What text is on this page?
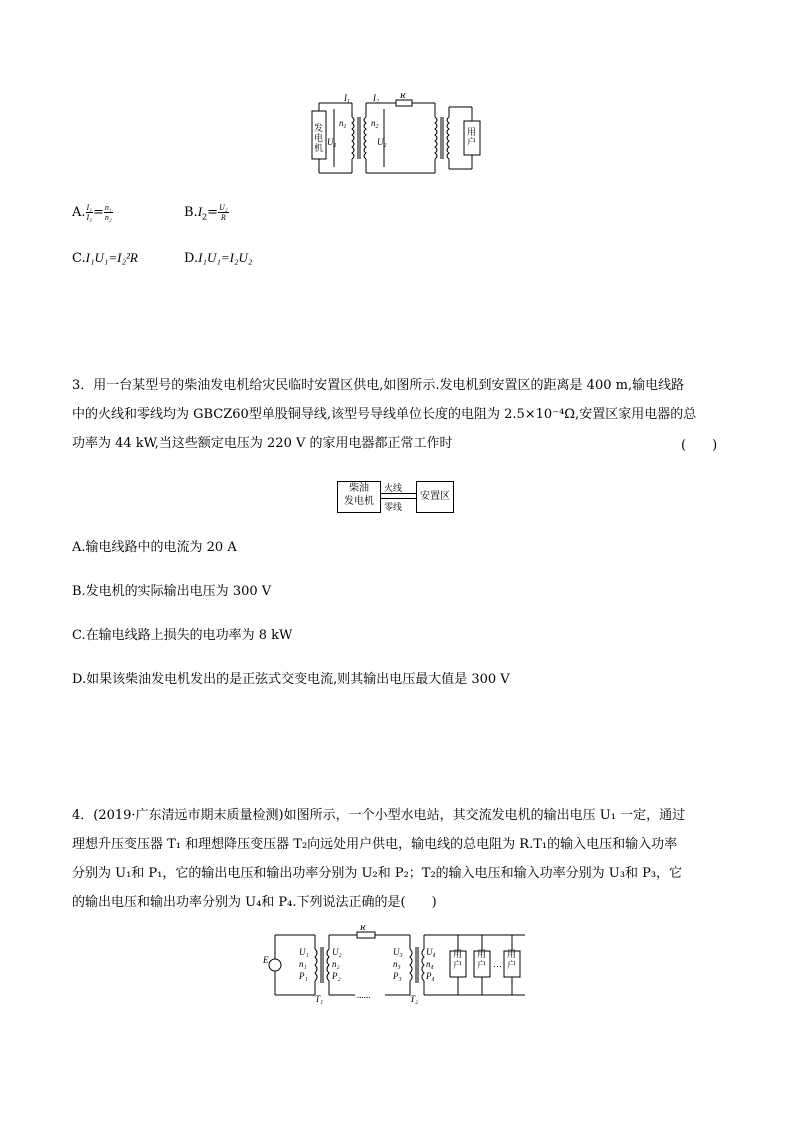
$I_1$	$I_2$
R
$n_1$	$n_2$
$U_1$	$U_2$
发电机
用户
A. $\frac{\text{I₁}}{\text{I₂}} = \frac{\text{n₁}}{\text{n₂}}$	$B.I_2= \frac{\text{U₂}}{R}$
C.I₁U₁=I₂²R	D.I₁U₁=I₂U₂

3．用一台某型号的柴油发电机给灾民临时安置区供电,如图所示.发电机到安置区的距离是 400 m,输电线路

中的火线和零线均为 GBCZ60型单股铜导线,该型号导线单位长度的电阻为 2.5×10⁻⁴Ω,安置区家用电器的总

功率为 44 kW,当这些额定电压为 220 V 的家用电器都正常工作时	(　　)
柴油
发电机
火线
零线
安置区
A.输电线路中的电流为 20 A
B.发电机的实际输出电压为 300 V
C.在输电线路上损失的电功率为 8 kW
D.如果该柴油发电机发出的是正弦式交变电流,则其输出电压最大值是 300 V

4．(2019·广东清远市期末质量检测)如图所示，一个小型水电站，其交流发电机的输出电压 U₁ 一定，通过

理想升压变压器 T₁ 和理想降压变压器 T₂向远处用户供电，输电线的总电阻为 R.T₁的输入电压和输入功率

分别为 U₁和 P₁，它的输出电压和输出功率分别为 U₂和 P₂；T₂的输入电压和输入功率分别为 U₃和 P₃，它

的输出电压和输出功率分别为 U₄和 P₄.下列说法正确的是(　　)

E
R
T₁	T₂
U₁
n₁
P₁
U₂
n₂
P₂
U₃
n₃
P₃
U₄
n₄
P₄
......
…
用户
用户
用户
